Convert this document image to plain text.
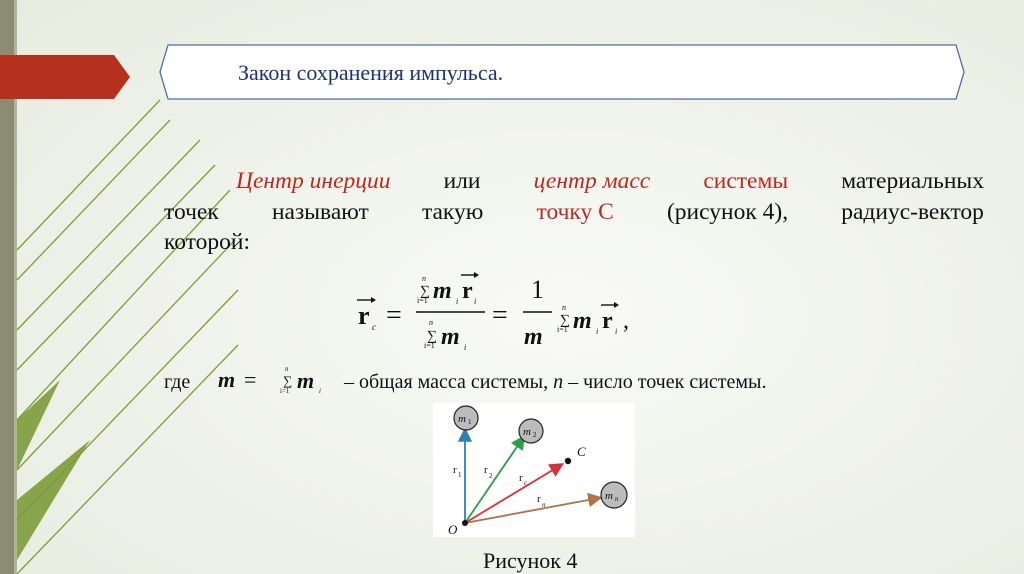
Закон сохранения импульса.
Центр инерции или центр масс системы материальных
точек называют такую точку С (рисунок 4), радиус-вектор
которой:
r c =
n
∑
i=1 m i r i
n
∑
i=1 m i
=
1
m
n
∑
i=1 m i r i ,
где m =	n
∑
i=1 m i – общая масса системы, n – число точек системы.
O
C
m 1
m 2
m n
r 1 r 2 r c
r n
Рисунок 4
